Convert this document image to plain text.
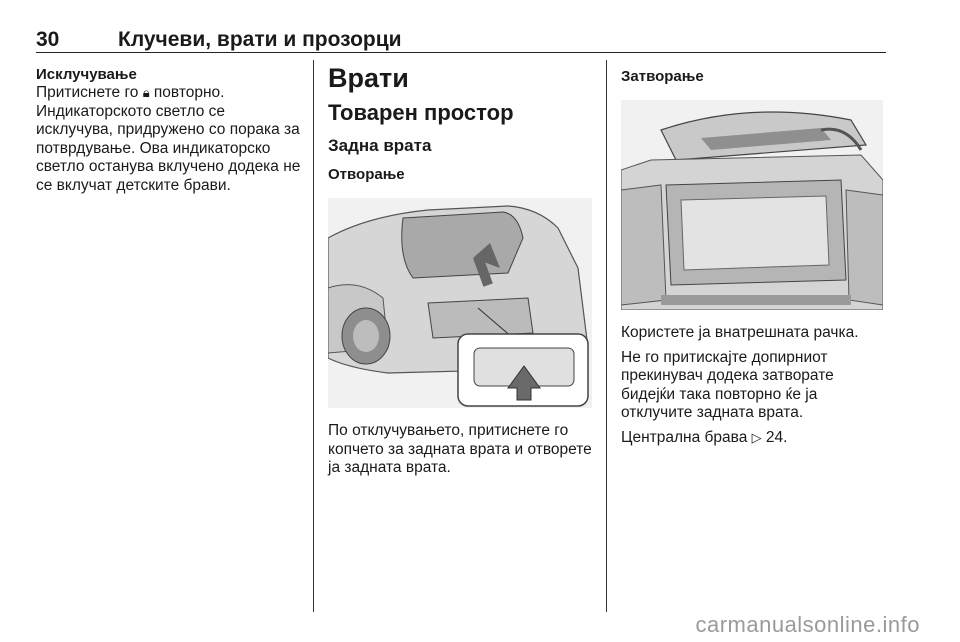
30	Клучеви, врати и прозорци

Исклучување

Притиснете го 🔒︎ повторно.

Индикаторското светло се исклучува, придружено со порака за потврдување. Ова индикаторско светло останува вклучено додека не се вклучат детските брави.

Врати

Товарен простор

Задна врата

Отворање

По отклучувањето, притиснете го копчето за задната врата и отворете ја задната врата.

Затворање

Користете ја внатрешната рачка.

Не го притискајте допирниот прекинувач додека затворате бидејќи така повторно ќе ја отклучите задната врата.

Централна брава ▷ 24.

carmanualsonline.info
